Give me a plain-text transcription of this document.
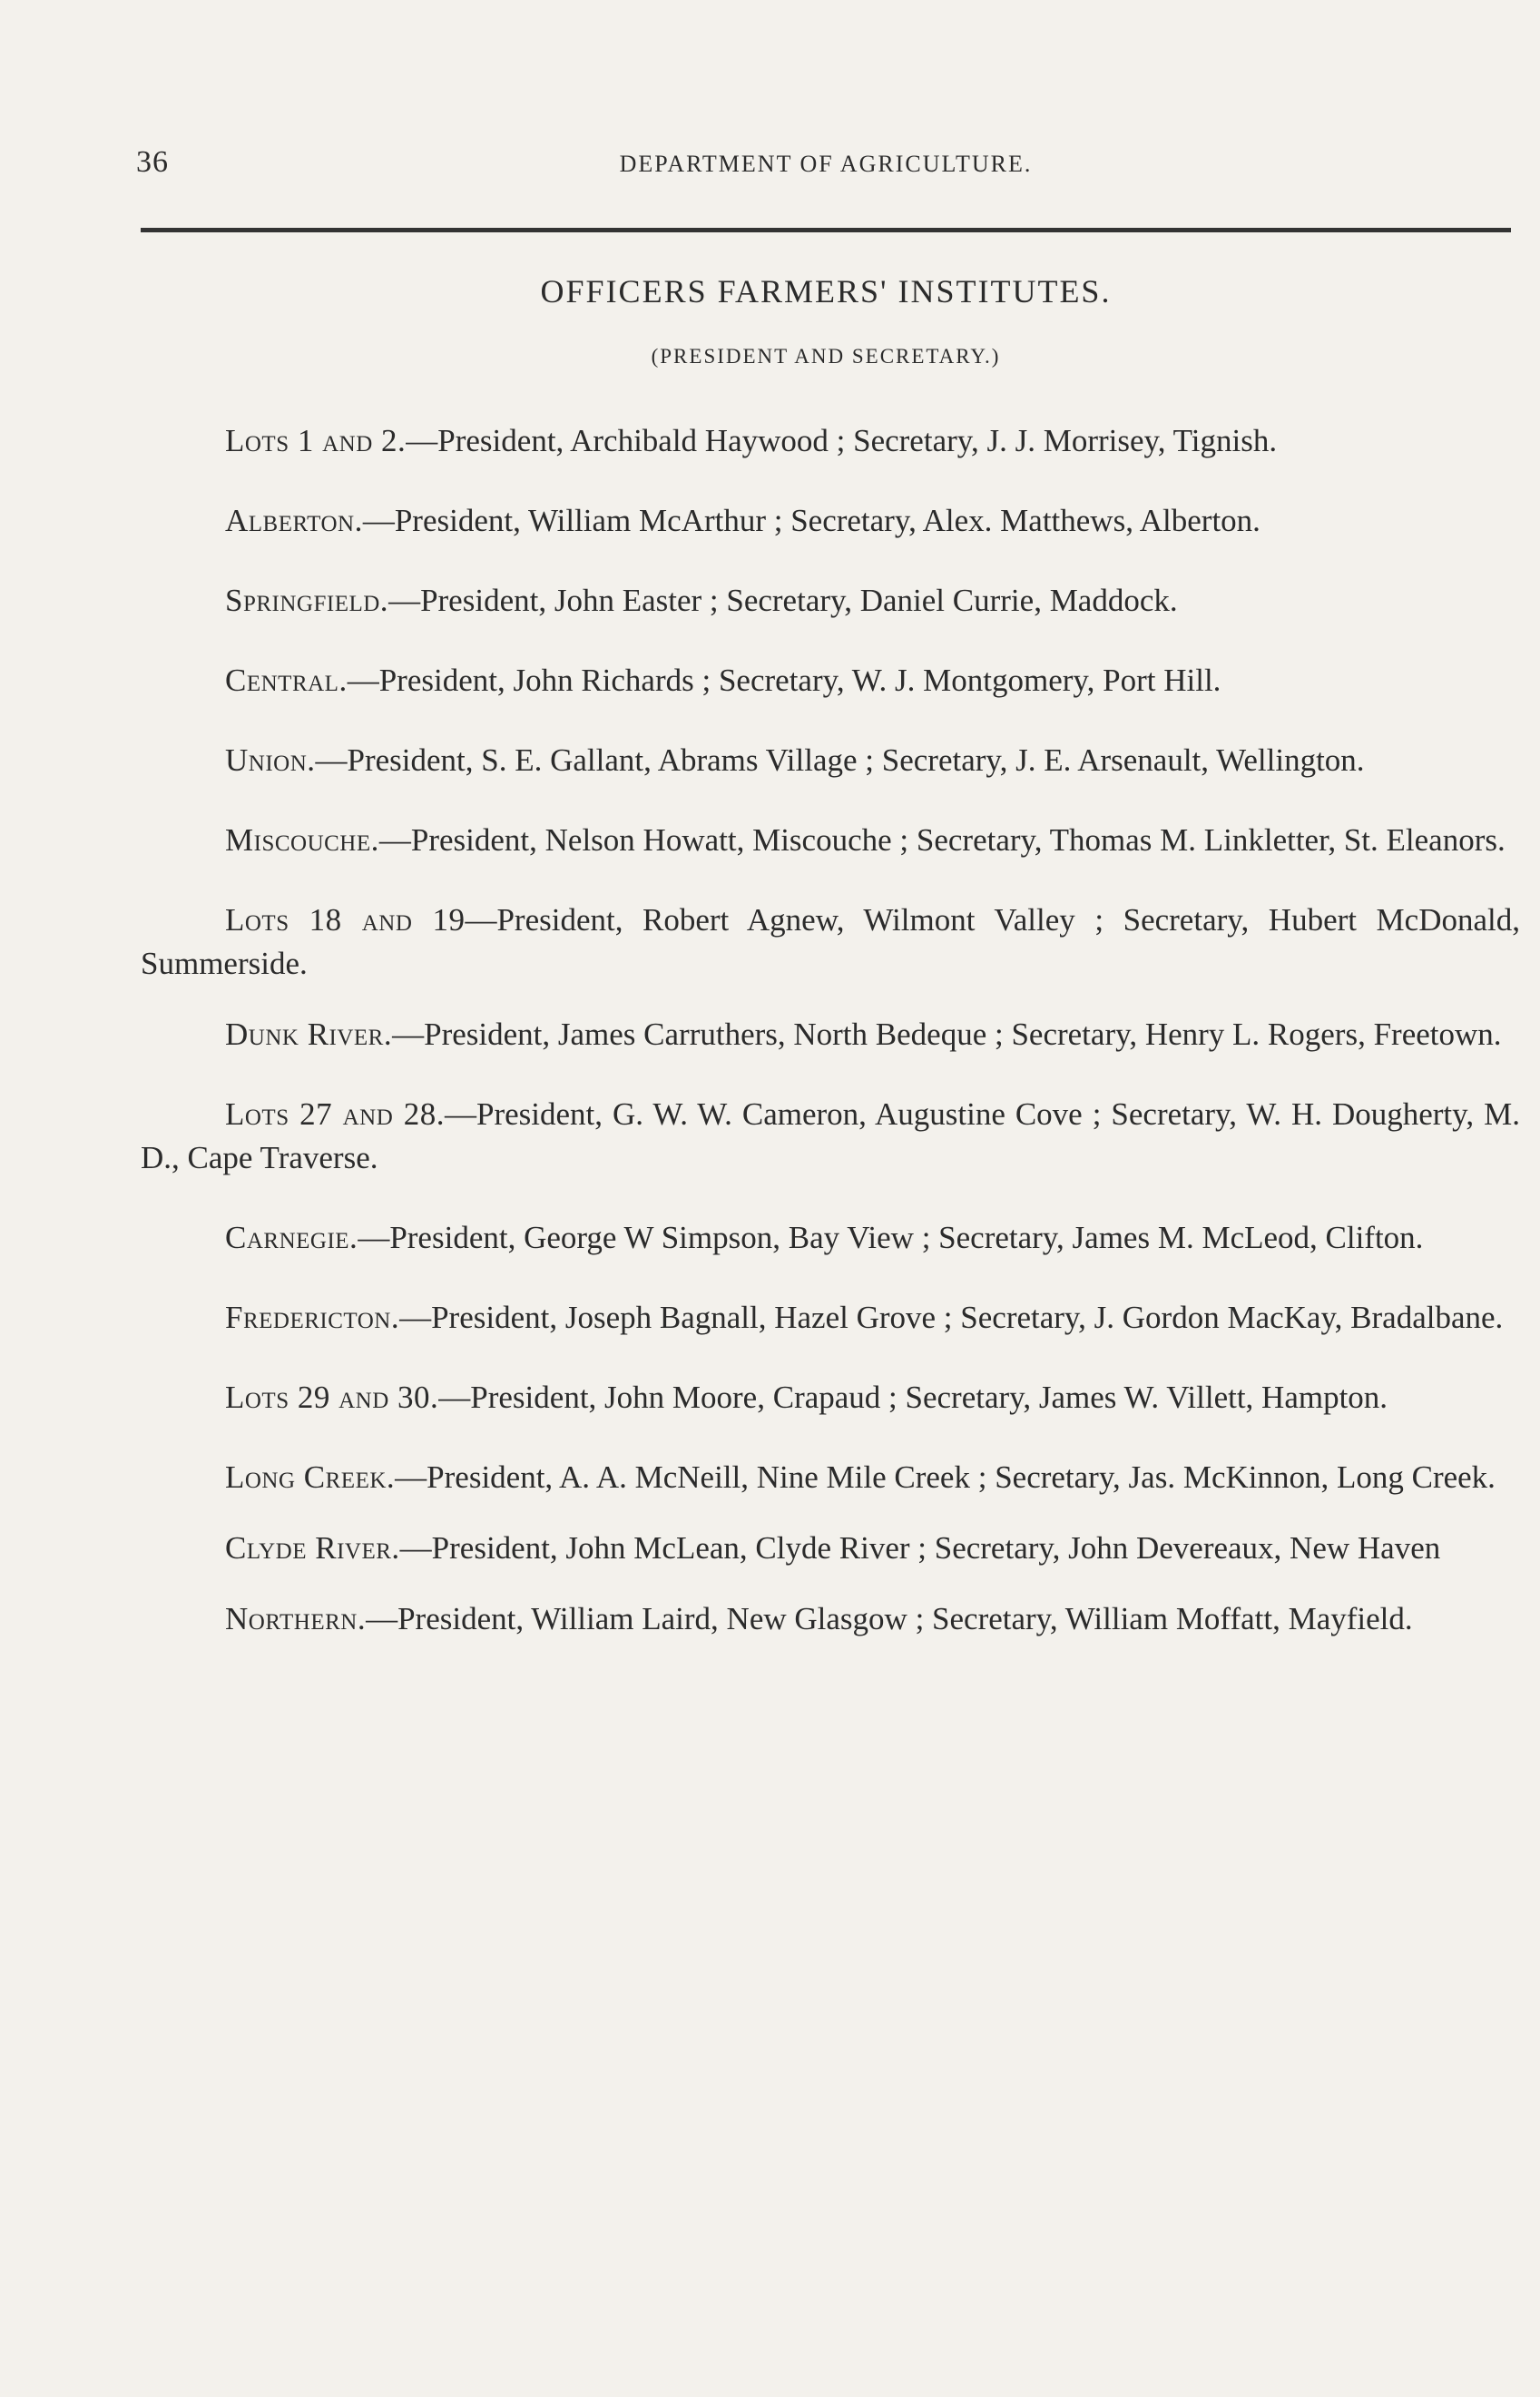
36	DEPARTMENT OF AGRICULTURE.
OFFICERS FARMERS' INSTITUTES.
(PRESIDENT AND SECRETARY.)

Lots 1 and 2.—President, Archibald Haywood ; Secretary, J. J. Morrisey, Tignish.

Alberton.—President, William McArthur ; Secretary, Alex. Matthews, Alberton.

Springfield.—President, John Easter ; Secretary, Daniel Currie, Maddock.

Central.—President, John Richards ; Secretary, W. J. Montgomery, Port Hill.

Union.—President, S. E. Gallant, Abrams Village ; Secretary, J. E. Arsenault, Wellington.

Miscouche.—President, Nelson Howatt, Miscouche ; Secretary, Thomas M. Linkletter, St. Eleanors.

Lots 18 and 19—President, Robert Agnew, Wilmont Valley ; Secretary, Hubert McDonald, Summerside.

Dunk River.—President, James Carruthers, North Bedeque ; Secretary, Henry L. Rogers, Freetown.

Lots 27 and 28.—President, G. W. W. Cameron, Augustine Cove ; Secretary, W. H. Dougherty, M. D., Cape Traverse.

Carnegie.—President, George W Simpson, Bay View ; Secretary, James M. McLeod, Clifton.

Fredericton.—President, Joseph Bagnall, Hazel Grove ; Secretary, J. Gordon MacKay, Bradalbane.

Lots 29 and 30.—President, John Moore, Crapaud ; Secretary, James W. Villett, Hampton.

Long Creek.—President, A. A. McNeill, Nine Mile Creek ; Secretary, Jas. McKinnon, Long Creek.

Clyde River.—President, John McLean, Clyde River ; Secretary, John Devereaux, New Haven

Northern.—President, William Laird, New Glasgow ; Secretary, William Moffatt, Mayfield.
